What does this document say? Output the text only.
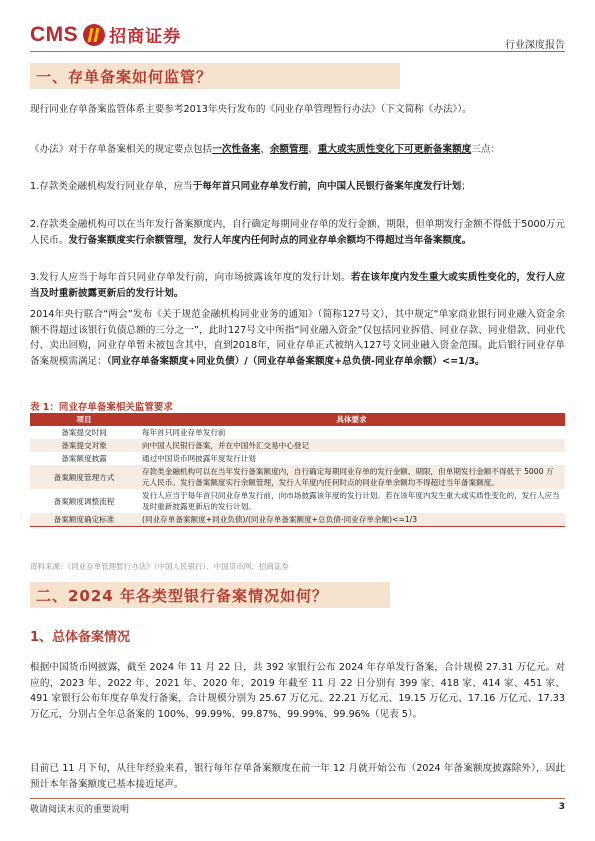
CMS 招商证券	行业深度报告
一、存单备案如何监管？
现行同业存单备案监管体系主要参考2013年央行发布的《同业存单管理暂行办法》（下文简称《办法》）。
《办法》对于存单备案相关的规定要点包括一次性备案、余额管理、重大或实质性变化下可更新备案额度三点：
1.存款类金融机构发行同业存单，应当于每年首只同业存单发行前，向中国人民银行备案年度发行计划；
2.存款类金融机构可以在当年发行备案额度内，自行确定每期同业存单的发行金额、期限，但单期发行金额不得低于5000万元人民币。发行备案额度实行余额管理，发行人年度内任何时点的同业存单余额均不得超过当年备案额度。
3.发行人应当于每年首只同业存单发行前，向市场披露该年度的发行计划。若在该年度内发生重大或实质性变化的，发行人应当及时重新披露更新后的发行计划。
2014年央行联合“两会”发布《关于规范金融机构同业业务的通知》（简称127号文），其中规定“单家商业银行同业融入资金余额不得超过该银行负债总额的三分之一”，此时127号文中所指“同业融入资金”仅包括同业拆借、同业存款、同业借款、同业代付、卖出回购，同业存单暂未被包含其中，直到2018年，同业存单正式被纳入127号文同业融入资金范围。此后银行同业存单备案规模需满足：（同业存单备案额度+同业负债）/（同业存单备案额度+总负债-同业存单余额）<=1/3。
表 1：同业存单备案相关监管要求
项目	具体要求
备案提交时间	每年首只同业存单发行前
备案提交对象	向中国人民银行备案，并在中国外汇交易中心登记
备案额度披露	通过中国货币网披露年度发行计划
备案额度管理方式	存款类金融机构可以在当年发行备案额度内，自行确定每期同业存单的发行金额、期限，但单期发行金额不得低于 5000 万元人民币。发行备案额度实行余额管理，发行人年度内任何时点的同业存单余额均不得超过当年备案额度。
备案额度调整流程	发行人应当于每年首只同业存单发行前，向市场披露该年度的发行计划。若在该年度内发生重大或实质性变化的，发行人应当及时重新披露更新后的发行计划。
备案额度确定标准	(同业存单备案额度+同业负债)/(同业存单备案额度+总负债-同业存单余额)<=1/3
资料来源：《同业存单管理暂行办法》（中国人民银行）、中国货币网、招商证券
二、2024 年各类型银行备案情况如何？
1、总体备案情况
根据中国货币网披露，截至 2024 年 11 月 22 日，共 392 家银行公布 2024 年存单发行备案，合计规模 27.31 万亿元。对应的，2023 年、2022 年、2021 年、2020 年、2019 年截至 11 月 22 日分别有 399 家、418 家、414 家、451 家、491 家银行公布年度存单发行备案，合计规模分别为 25.67 万亿元、22.21 万亿元、19.15 万亿元、17.16 万亿元、17.33 万亿元，分别占全年总备案的 100%、99.99%、99.87%、99.99%、99.96%（见表 5）。
目前已 11 月下旬，从往年经验来看，银行每年存单备案额度在前一年 12 月就开始公布（2024 年备案额度披露除外），因此预计本年备案额度已基本接近尾声。
敬请阅读末页的重要说明	3
